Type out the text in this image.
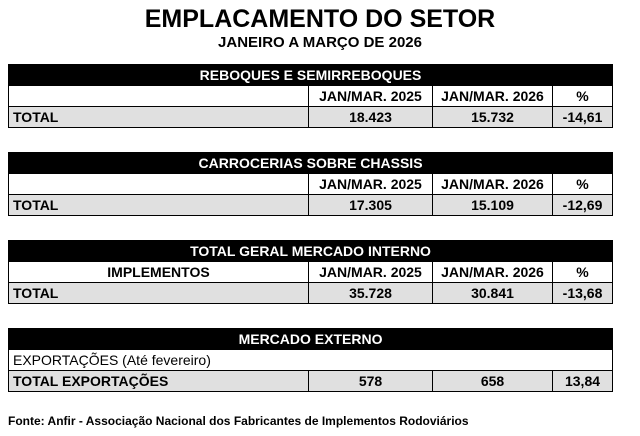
EMPLACAMENTO DO SETOR
JANEIRO A MARÇO DE 2026
REBOQUES E SEMIRREBOQUES			
	JAN/MAR. 2025	JAN/MAR. 2026	%
TOTAL	18.423	15.732	-14,61
CARROCERIAS SOBRE CHASSIS			
	JAN/MAR. 2025	JAN/MAR. 2026	%
TOTAL	17.305	15.109	-12,69
TOTAL GERAL MERCADO INTERNO			
IMPLEMENTOS	JAN/MAR. 2025	JAN/MAR. 2026	%
TOTAL	35.728	30.841	-13,68
MERCADO EXTERNO
EXPORTAÇÕES (Até fevereiro)
TOTAL EXPORTAÇÕES	578	658	13,84
Fonte: Anfir - Associação Nacional dos Fabricantes de Implementos Rodoviários
